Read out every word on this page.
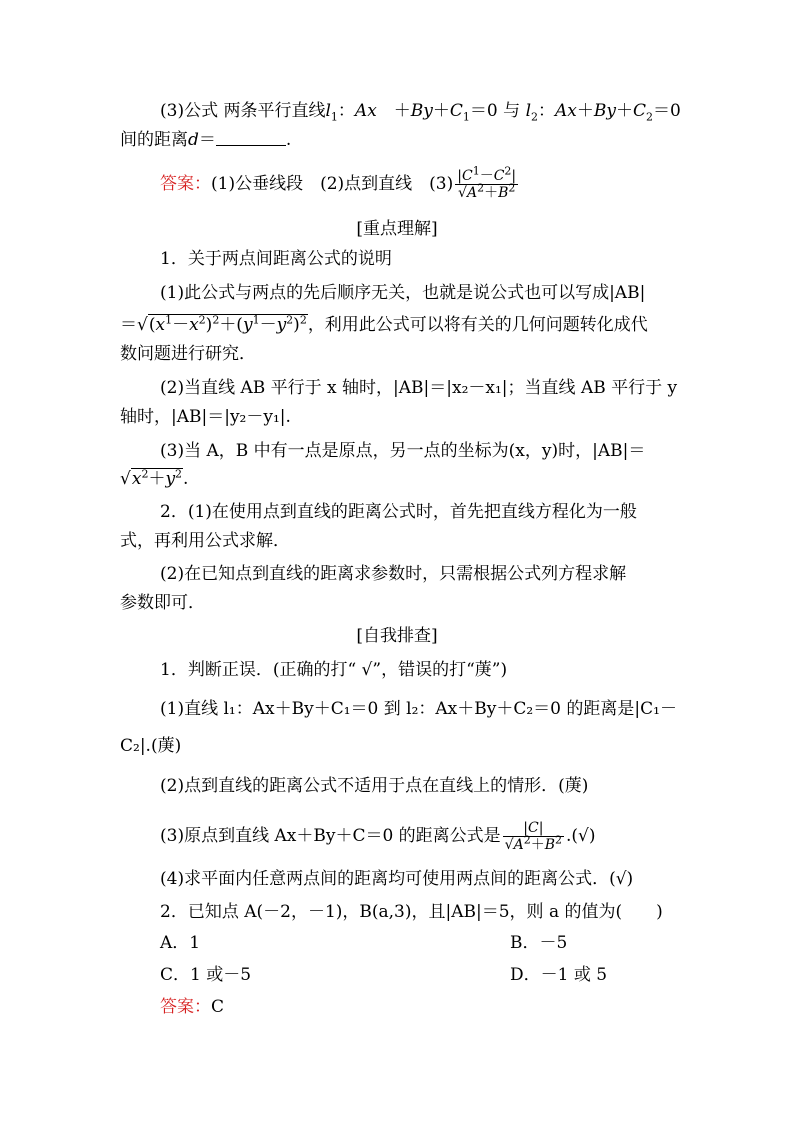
(3)公式 两条平行直线$l_1$：Ax　$+By+C_1=0$ 与 $l_2$：$Ax+By+C_2=0$
间的距离d＝	.
答案：(1)公垂线段　(2)点到直线　$(3) \frac{|C^1-C^2|}{√A^2+B^2}$
[重点理解]
1．关于两点间距离公式的说明
(1)此公式与两点的先后顺序无关，也就是说公式也可以写成|AB|
$=√(x^1-x^2)^2+(y^1-y^2)^2$，利用此公式可以将有关的几何问题转化成代
数问题进行研究．
(2)当直线 AB 平行于 x 轴时，|AB|＝|x₂－x₁|；当直线 AB 平行于 y
轴时，|AB|＝|y₂－y₁|.
(3)当 A，B 中有一点是原点，另一点的坐标为(x，y)时，|AB|＝
$√x^2+y^2$.
2．(1)在使用点到直线的距离公式时，首先把直线方程化为一般
式，再利用公式求解．
(2)在已知点到直线的距离求参数时，只需根据公式列方程求解
参数即可．
[自我排查]
1．判断正误．(正确的打“ √”，错误的打“菮”)
(1)直线 l₁：Ax＋By＋C₁＝0 到 l₂：Ax＋By＋C₂＝0 的距离是|C₁－
C₂|.(菮)
(2)点到直线的距离公式不适用于点在直线上的情形．(菮)
(3)原点到直线 Ax＋By＋C＝0 的距离公式是 $\frac{|C|}{√A^2+B^2}$ .(√)
(4)求平面内任意两点间的距离均可使用两点间的距离公式．(√)
2．已知点 A(－2，－1)，B(a,3)，且|AB|＝5，则 a 的值为(　　)
A．1	B．－5
C．1 或－5	D．－1 或 5
答案：C
